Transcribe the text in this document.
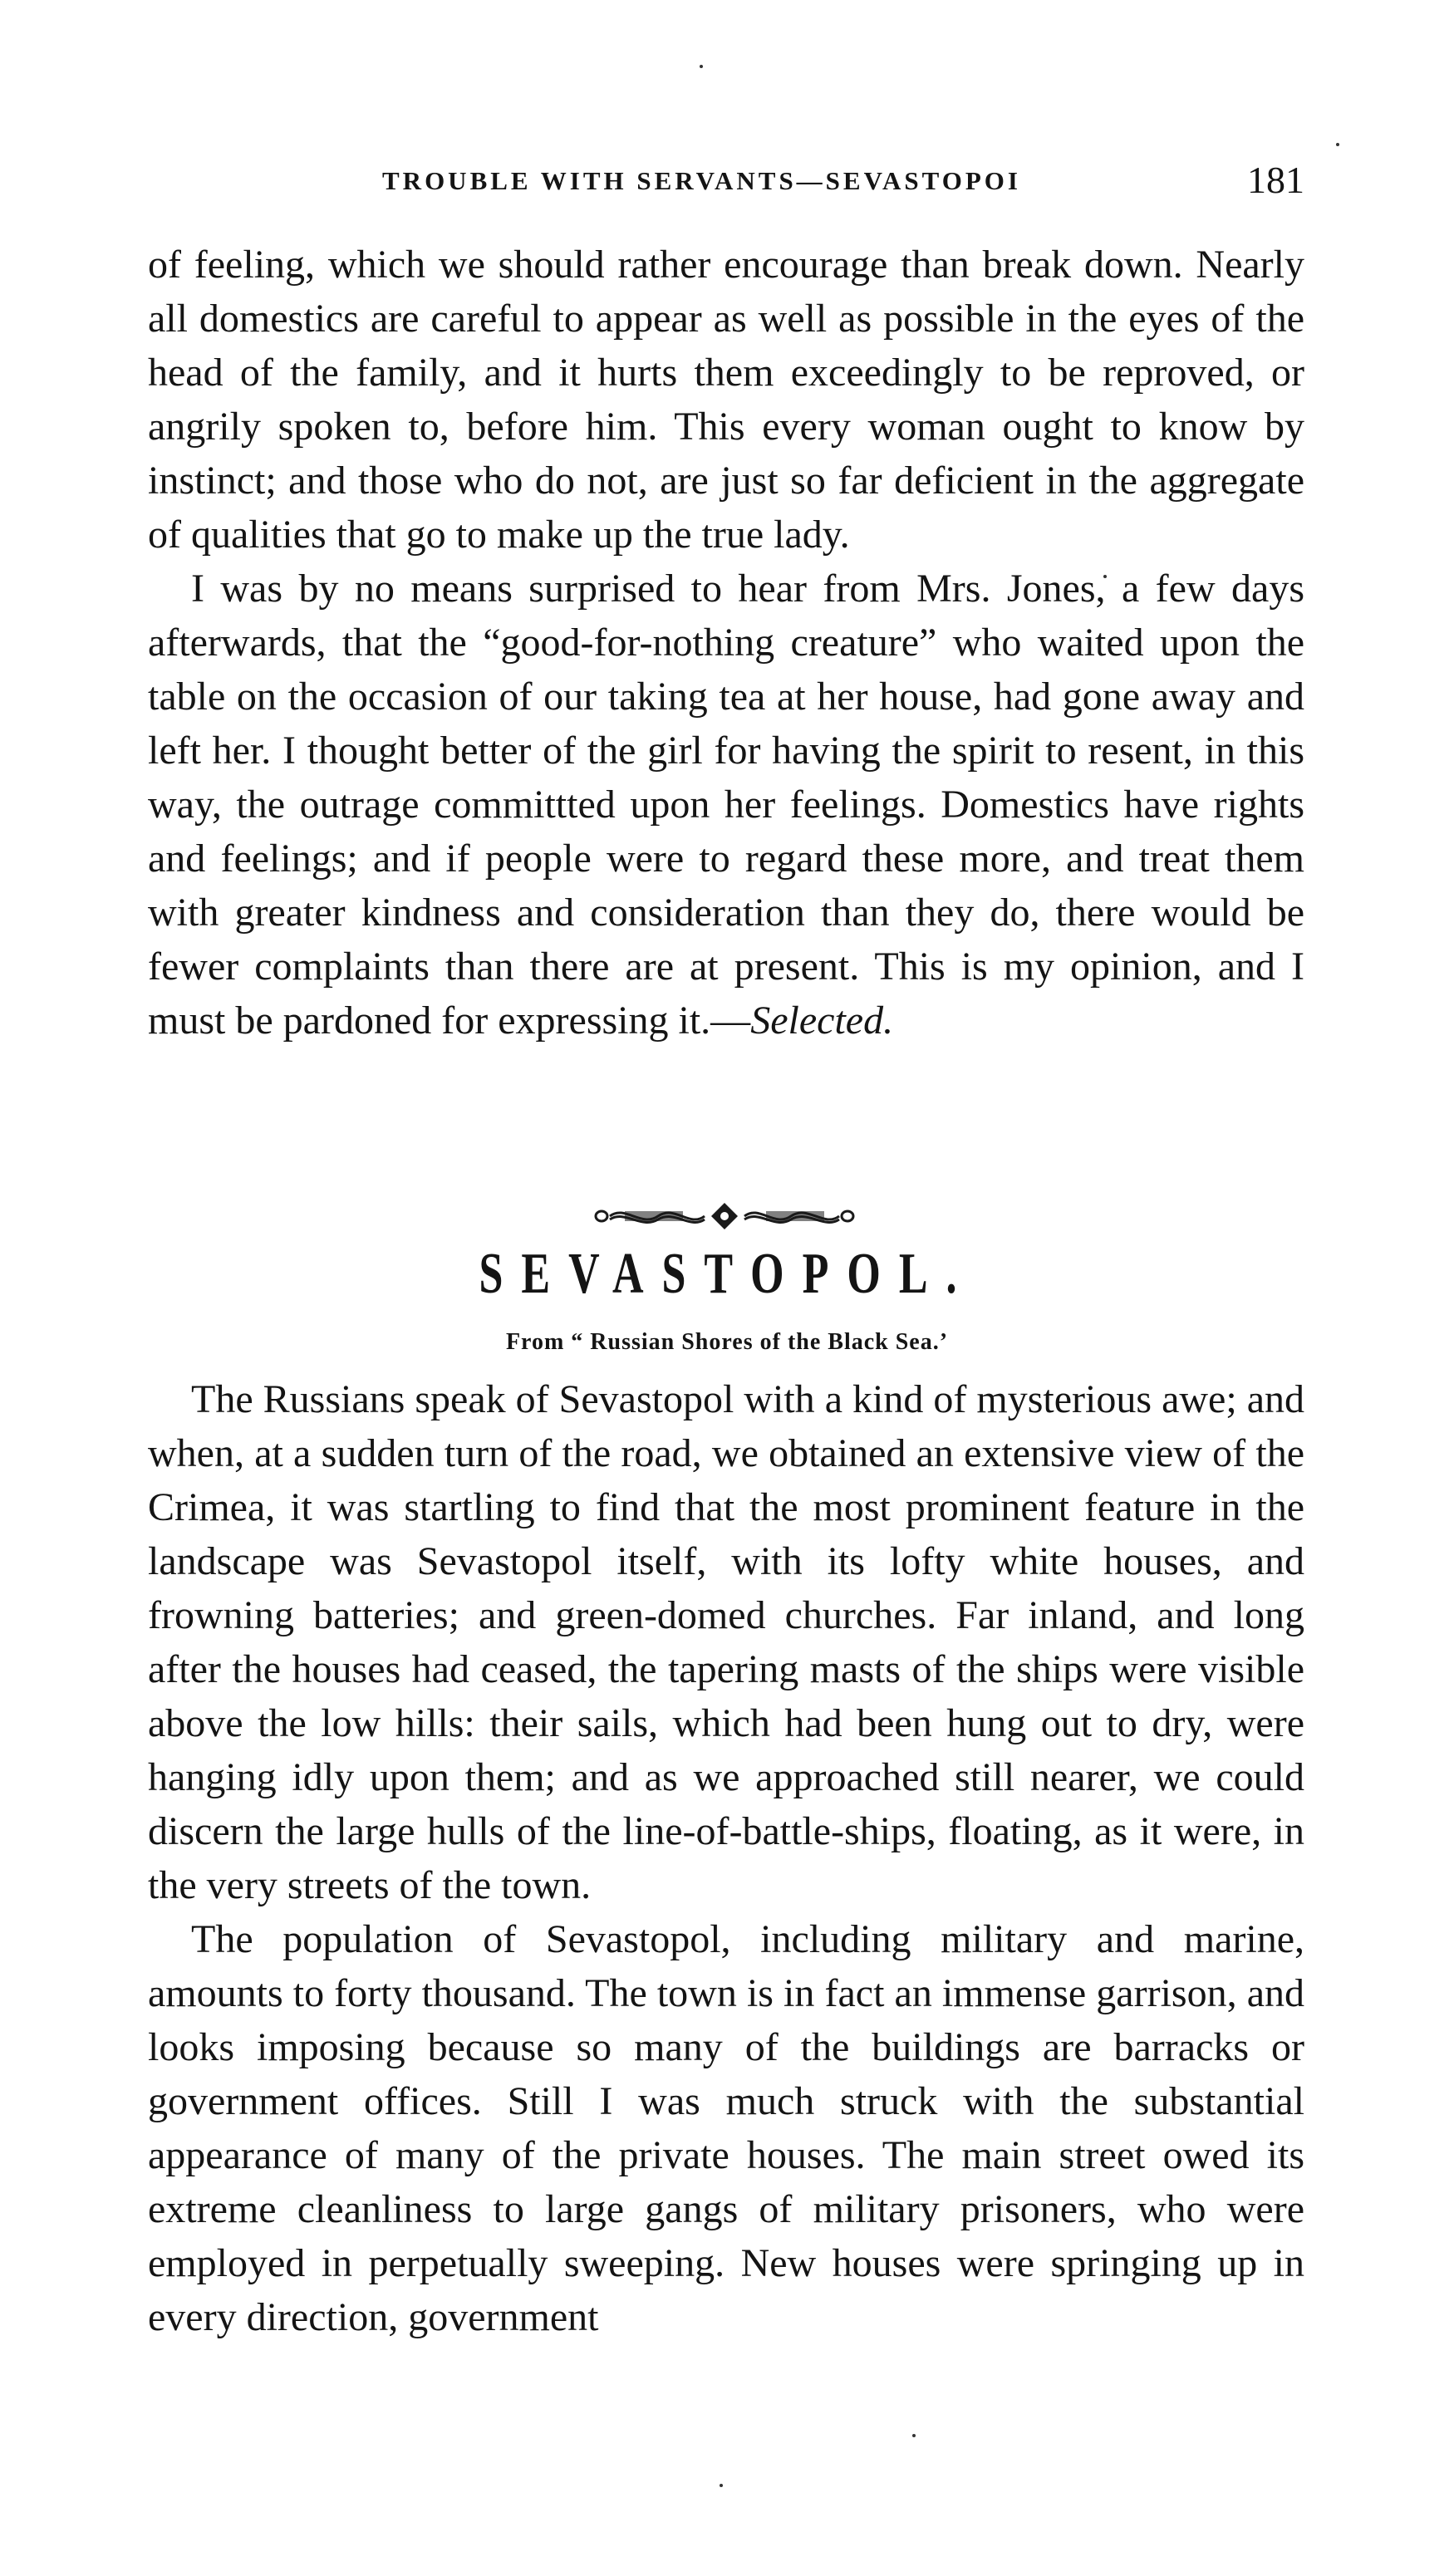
TROUBLE WITH SERVANTS—SEVASTOPOI	181

of feeling, which we should rather encourage than break down. Nearly all domestics are careful to appear as well as possible in the eyes of the head of the family, and it hurts them exceedingly to be reproved, or angrily spoken to, before him. This every woman ought to know by instinct; and those who do not, are just so far deficient in the aggregate of qualities that go to make up the true lady.

I was by no means surprised to hear from Mrs. Jones, a few days afterwards, that the “good-for-nothing creature” who waited upon the table on the occasion of our taking tea at her house, had gone away and left her. I thought better of the girl for having the spirit to resent, in this way, the outrage committted upon her feelings. Domestics have rights and feelings; and if people were to regard these more, and treat them with greater kindness and consideration than they do, there would be fewer complaints than there are at present. This is my opinion, and I must be pardoned for expressing it.—Selected.

SEVASTOPOL.
From “ Russian Shores of the Black Sea.’

The Russians speak of Sevastopol with a kind of mysterious awe; and when, at a sudden turn of the road, we obtained an extensive view of the Crimea, it was startling to find that the most prominent feature in the landscape was Sevastopol itself, with its lofty white houses, and frowning batteries; and green-domed churches. Far inland, and long after the houses had ceased, the tapering masts of the ships were visible above the low hills: their sails, which had been hung out to dry, were hanging idly upon them; and as we approached still nearer, we could discern the large hulls of the line-of-battle-ships, floating, as it were, in the very streets of the town.

The population of Sevastopol, including military and marine, amounts to forty thousand. The town is in fact an immense garrison, and looks imposing because so many of the buildings are barracks or government offices. Still I was much struck with the substantial appearance of many of the private houses. The main street owed its extreme cleanliness to large gangs of military prisoners, who were employed in perpetually sweeping. New houses were springing up in every direction, government
